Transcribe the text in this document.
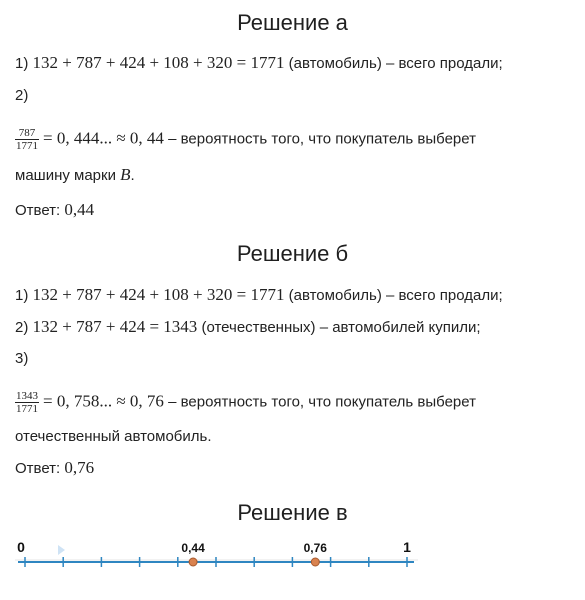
Решение а
1) 132 + 787 + 424 + 108 + 320 = 1771 (автомобиль) – всего продали;
2)
$\frac{787}{1771} = 0$, 444... ≈ 0, 44 – вероятность того, что покупатель выберет
машину марки B.
Ответ: 0,44
Решение б
1) 132 + 787 + 424 + 108 + 320 = 1771 (автомобиль) – всего продали;
2) 132 + 787 + 424 = 1343 (отечественных) – автомобилей купили;
3)
$\frac{1343}{1771} = 0$, 758... ≈ 0, 76 – вероятность того, что покупатель выберет
отечественный автомобиль.
Ответ: 0,76
Решение в
0	1
0,44	0,76
